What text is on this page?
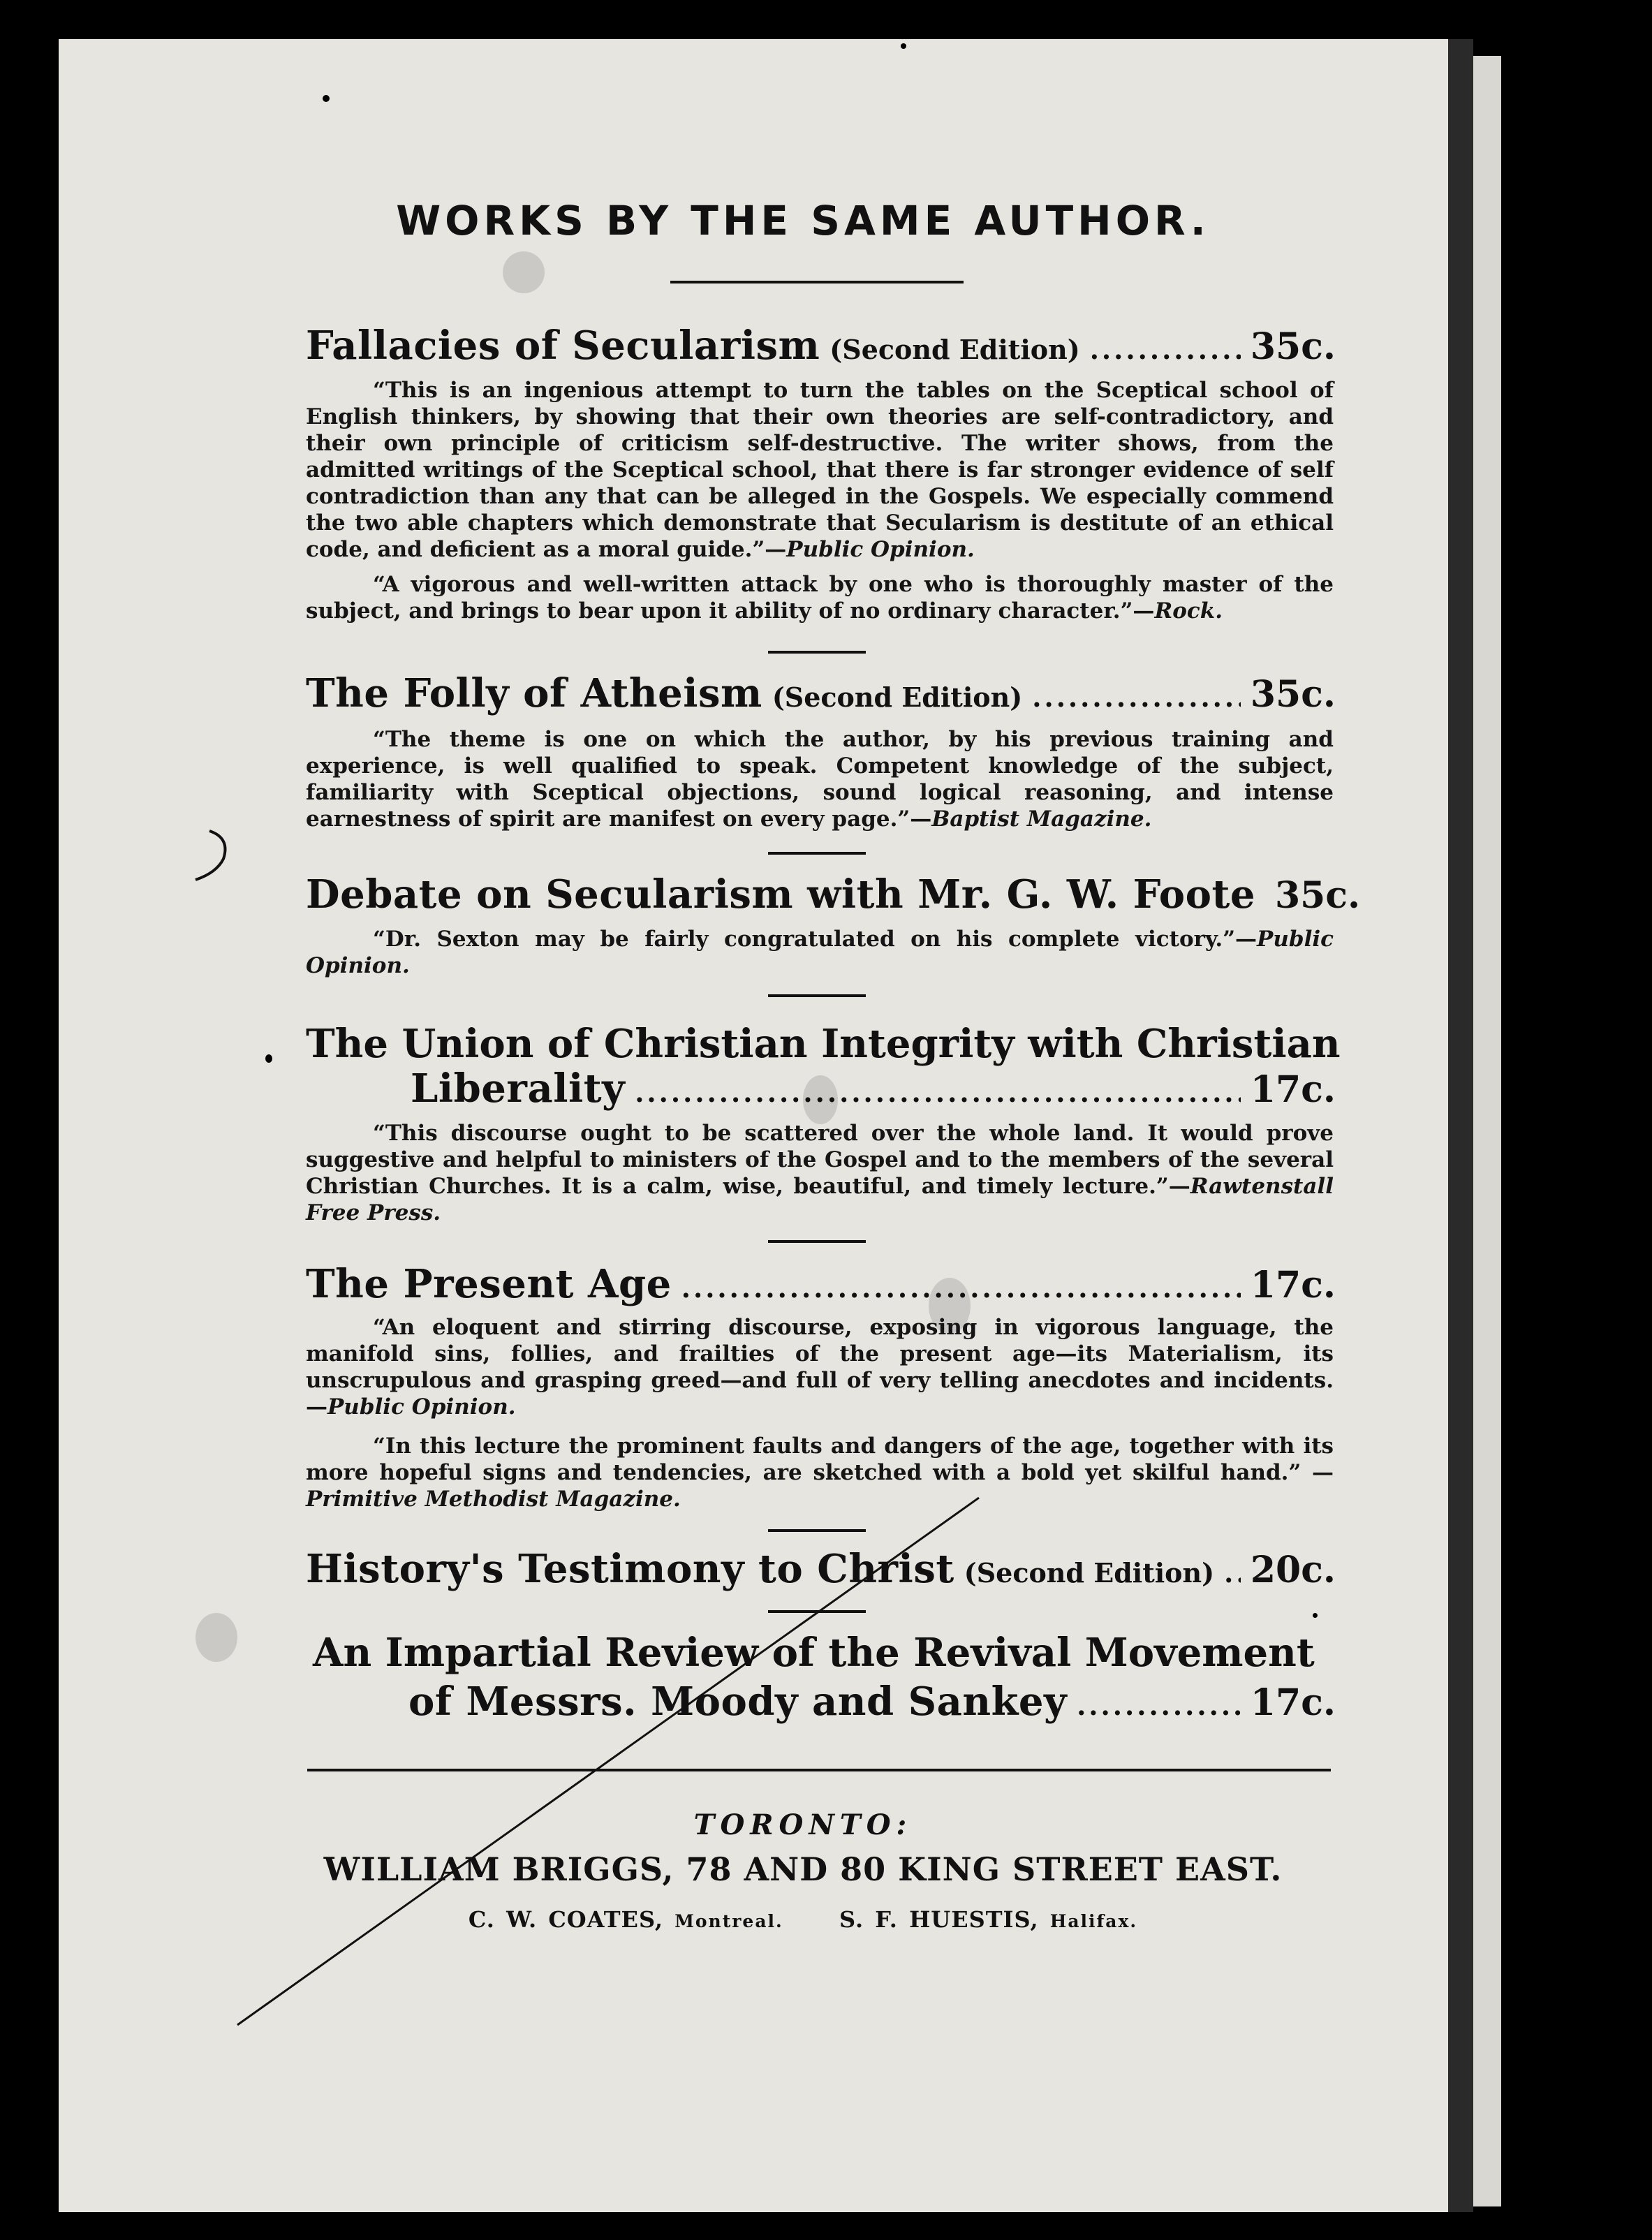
WORKS BY THE SAME AUTHOR.
Fallacies of Secularism (Second Edition) .....	35c.
“This is an ingenious attempt to turn the tables on the Sceptical school of English thinkers, by showing that their own theories are self-contradictory, and their own principle of criticism self-destructive. The writer shows, from the admitted writings of the Sceptical school, that there is far stronger evidence of self contradiction than any that can be alleged in the Gospels. We especially commend the two able chapters which demonstrate that Secularism is destitute of an ethical code, and deficient as a moral guide.”—Public Opinion.
“A vigorous and well-written attack by one who is thoroughly master of the subject, and brings to bear upon it ability of no ordinary character.”—Rock.
The Folly of Atheism (Second Edition) .....	35c.
“The theme is one on which the author, by his previous training and experience, is well qualified to speak. Competent knowledge of the subject, familiarity with Sceptical objections, sound logical reasoning, and intense earnestness of spirit are manifest on every page.”—Baptist Magazine.
Debate on Secularism with Mr. G. W. Foote 35c.
“Dr. Sexton may be fairly congratulated on his complete victory.”—Public Opinion.
The Union of Christian Integrity with Christian
Liberality .....	17c.
“This discourse ought to be scattered over the whole land. It would prove suggestive and helpful to ministers of the Gospel and to the members of the several Christian Churches. It is a calm, wise, beautiful, and timely lecture.”—Rawtenstall Free Press.
The Present Age .....	17c.
“An eloquent and stirring discourse, exposing in vigorous language, the manifold sins, follies, and frailties of the present age—its Materialism, its unscrupulous and grasping greed—and full of very telling anecdotes and incidents.—Public Opinion.
“In this lecture the prominent faults and dangers of the age, together with its more hopeful signs and tendencies, are sketched with a bold yet skilful hand.” —Primitive Methodist Magazine.
History's Testimony to Christ (Second Edition) ..... 20c.
An Impartial Review of the Revival Movement
of Messrs. Moody and Sankey .....	17c.
TORONTO:
WILLIAM BRIGGS, 78 AND 80 KING STREET EAST.
C. W. COATES, Montreal.	S. F. HUESTIS, Halifax.
